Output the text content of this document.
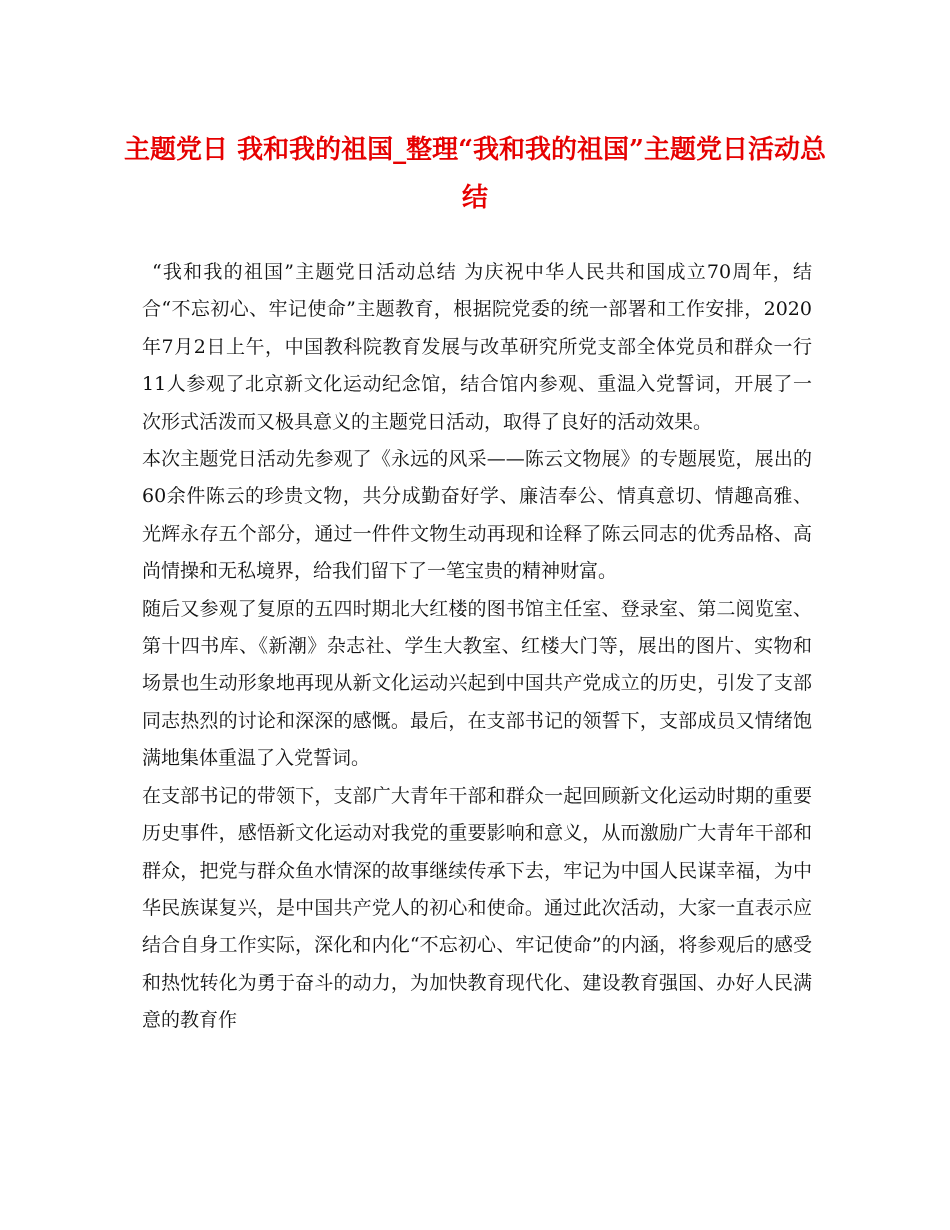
主题党日 我和我的祖国_整理“我和我的祖国”主题党日活动总结

“我和我的祖国”主题党日活动总结 为庆祝中华人民共和国成立70周年，结合“不忘初心、牢记使命”主题教育，根据院党委的统一部署和工作安排，2020年7月2日上午，中国教科院教育发展与改革研究所党支部全体党员和群众一行11人参观了北京新文化运动纪念馆，结合馆内参观、重温入党誓词，开展了一次形式活泼而又极具意义的主题党日活动，取得了良好的活动效果。

本次主题党日活动先参观了《永远的风采——陈云文物展》的专题展览，展出的60余件陈云的珍贵文物，共分成勤奋好学、廉洁奉公、情真意切、情趣高雅、光辉永存五个部分，通过一件件文物生动再现和诠释了陈云同志的优秀品格、高尚情操和无私境界，给我们留下了一笔宝贵的精神财富。

随后又参观了复原的五四时期北大红楼的图书馆主任室、登录室、第二阅览室、第十四书库、《新潮》杂志社、学生大教室、红楼大门等，展出的图片、实物和场景也生动形象地再现从新文化运动兴起到中国共产党成立的历史，引发了支部同志热烈的讨论和深深的感慨。最后，在支部书记的领誓下，支部成员又情绪饱满地集体重温了入党誓词。

在支部书记的带领下，支部广大青年干部和群众一起回顾新文化运动时期的重要历史事件，感悟新文化运动对我党的重要影响和意义，从而激励广大青年干部和群众，把党与群众鱼水情深的故事继续传承下去，牢记为中国人民谋幸福，为中华民族谋复兴，是中国共产党人的初心和使命。通过此次活动，大家一直表示应结合自身工作实际，深化和内化“不忘初心、牢记使命”的内涵，将参观后的感受和热忱转化为勇于奋斗的动力，为加快教育现代化、建设教育强国、办好人民满意的教育作
